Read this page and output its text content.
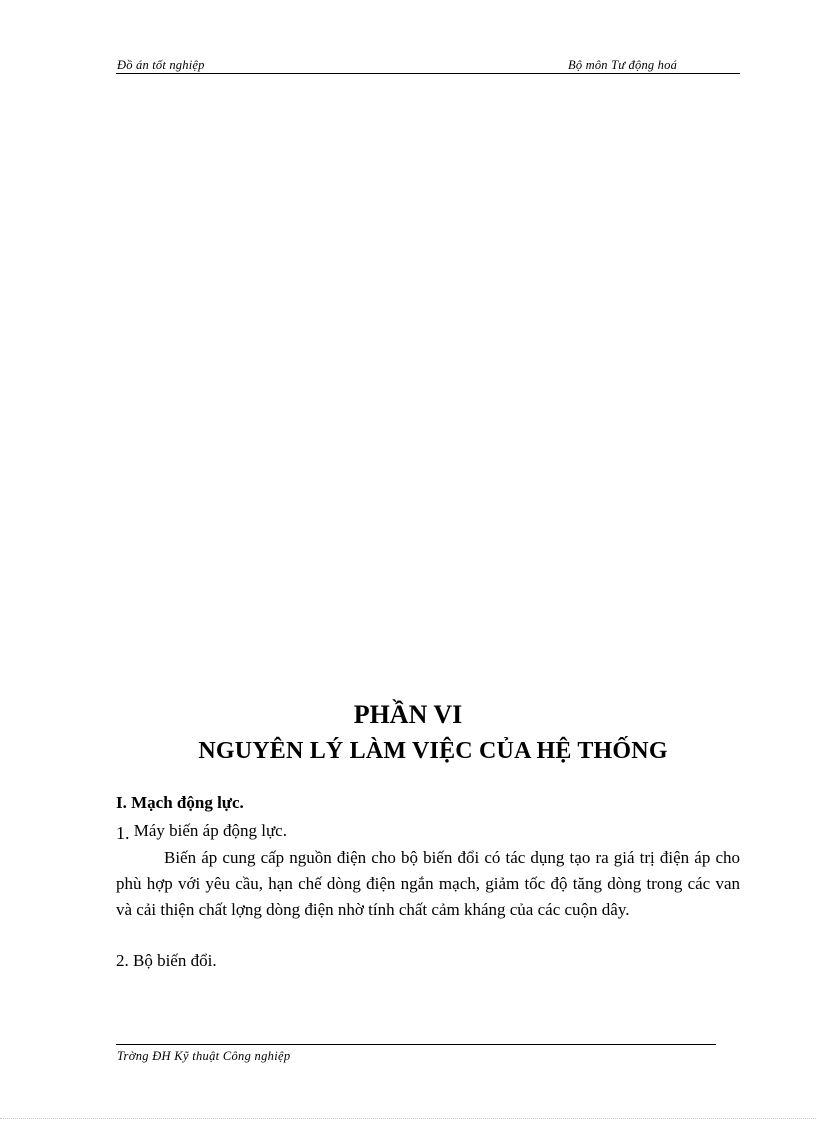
Đồ án tốt nghiệp	Bộ môn Tư động hoá
PHẦN VI
NGUYÊN LÝ LÀM VIỆC CỦA HỆ THỐNG
I. Mạch động lực.
1. Máy biến áp động lực.

Biến áp cung cấp nguồn điện cho bộ biến đổi có tác dụng tạo ra giá trị điện áp cho phù hợp với yêu cầu, hạn chế dòng điện ngắn mạch, giảm tốc độ tăng dòng trong các van và cải thiện chất lợng dòng điện nhờ tính chất cảm kháng của các cuộn dây.

2. Bộ biến đổi.
Trờng ĐH Kỹ thuật Công nghiệp
